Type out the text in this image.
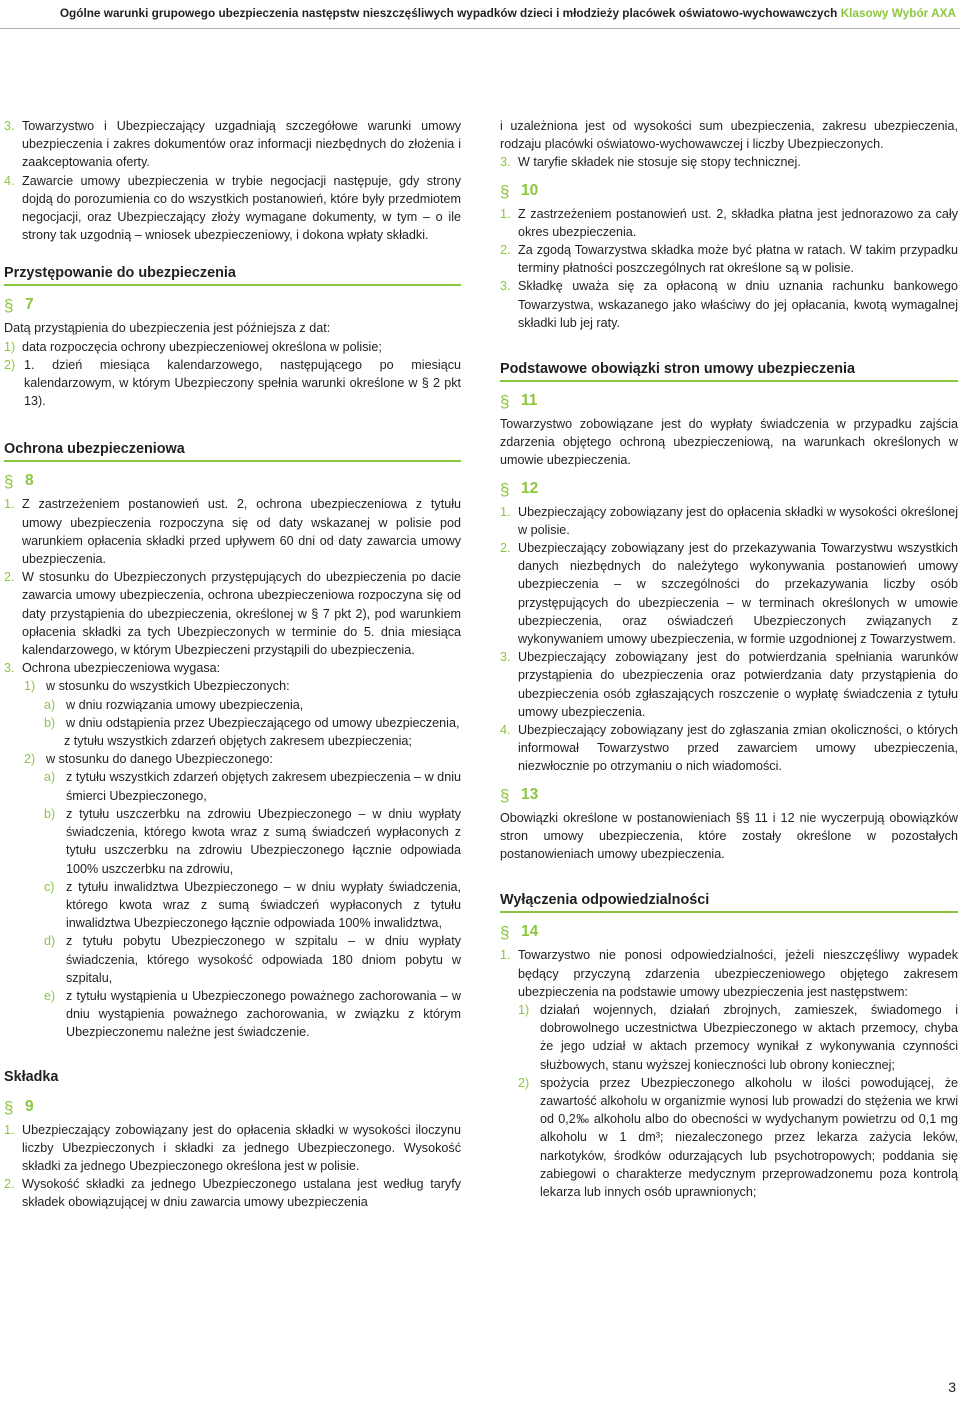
Ogólne warunki grupowego ubezpieczenia następstw nieszczęśliwych wypadków dzieci i młodzieży placówek oświatowo-wychowawczych Klasowy Wybór AXA
3. Towarzystwo i Ubezpieczający uzgadniają szczegółowe warunki umowy ubezpieczenia i zakres dokumentów oraz informacji niezbędnych do złożenia i zaakceptowania oferty.
4. Zawarcie umowy ubezpieczenia w trybie negocjacji następuje, gdy strony dojdą do porozumienia co do wszystkich postanowień, które były przedmiotem negocjacji, oraz Ubezpieczający złoży wymagane dokumenty, w tym – o ile strony tak uzgodnią – wniosek ubezpieczeniowy, i dokona wpłaty składki.
Przystępowanie do ubezpieczenia
§
7

Datą przystąpienia do ubezpieczenia jest późniejsza z dat:

1) data rozpoczęcia ochrony ubezpieczeniowej określona w polisie;
2) 1. dzień miesiąca kalendarzowego, następującego po miesiącu kalendarzowym, w którym Ubezpieczony spełnia warunki określone w § 2 pkt 13).
Ochrona ubezpieczeniowa
§
8
1. Z zastrzeżeniem postanowień ust. 2, ochrona ubezpieczeniowa z tytułu umowy ubezpieczenia rozpoczyna się od daty wskazanej w polisie pod warunkiem opłacenia składki przed upływem 60 dni od daty zawarcia umowy ubezpieczenia.
2. W stosunku do Ubezpieczonych przystępujących do ubezpieczenia po dacie zawarcia umowy ubezpieczenia, ochrona ubezpieczeniowa rozpoczyna się od daty przystąpienia do ubezpieczenia, określonej w § 7 pkt 2), pod warunkiem opłacenia składki za tych Ubezpieczonych w terminie do 5. dnia miesiąca kalendarzowego, w którym Ubezpieczeni przystąpili do ubezpieczenia.
3. Ochrona ubezpieczeniowa wygasa:
1) w stosunku do wszystkich Ubezpieczonych:
a) w dniu rozwiązania umowy ubezpieczenia,
b) w dniu odstąpienia przez Ubezpieczającego od umowy ubezpieczenia,
z tytułu wszystkich zdarzeń objętych zakresem ubezpieczenia;
2) w stosunku do danego Ubezpieczonego:
a) z tytułu wszystkich zdarzeń objętych zakresem ubezpieczenia – w dniu śmierci Ubezpieczonego,
b) z tytułu uszczerbku na zdrowiu Ubezpieczonego – w dniu wypłaty świadczenia, którego kwota wraz z sumą świadczeń wypłaconych z tytułu uszczerbku na zdrowiu Ubezpieczonego łącznie odpowiada 100% uszczerbku na zdrowiu,
c) z tytułu inwalidztwa Ubezpieczonego – w dniu wypłaty świadczenia, którego kwota wraz z sumą świadczeń wypłaconych z tytułu inwalidztwa Ubezpieczonego łącznie odpowiada 100% inwalidztwa,
d) z tytułu pobytu Ubezpieczonego w szpitalu – w dniu wypłaty świadczenia, którego wysokość odpowiada 180 dniom pobytu w szpitalu,
e) z tytułu wystąpienia u Ubezpieczonego poważnego zachorowania – w dniu wystąpienia poważnego zachorowania, w związku z którym Ubezpieczonemu należne jest świadczenie.
Składka
§
9
1. Ubezpieczający zobowiązany jest do opłacenia składki w wysokości iloczynu liczby Ubezpieczonych i składki za jednego Ubezpieczonego. Wysokość składki za jednego Ubezpieczonego określona jest w polisie.
2. Wysokość składki za jednego Ubezpieczonego ustalana jest według taryfy składek obowiązującej w dniu zawarcia umowy ubezpieczenia

i uzależniona jest od wysokości sum ubezpieczenia, zakresu ubezpieczenia, rodzaju placówki oświatowo-wychowawczej i liczby Ubezpieczonych.

3. W taryfie składek nie stosuje się stopy technicznej.
§
10
1. Z zastrzeżeniem postanowień ust. 2, składka płatna jest jednorazowo za cały okres ubezpieczenia.
2. Za zgodą Towarzystwa składka może być płatna w ratach. W takim przypadku terminy płatności poszczególnych rat określone są w polisie.
3. Składkę uważa się za opłaconą w dniu uznania rachunku bankowego Towarzystwa, wskazanego jako właściwy do jej opłacania, kwotą wymagalnej składki lub jej raty.
Podstawowe obowiązki stron umowy ubezpieczenia
§
11

Towarzystwo zobowiązane jest do wypłaty świadczenia w przypadku zajścia zdarzenia objętego ochroną ubezpieczeniową, na warunkach określonych w umowie ubezpieczenia.

§
12
1. Ubezpieczający zobowiązany jest do opłacenia składki w wysokości określonej w polisie.
2. Ubezpieczający zobowiązany jest do przekazywania Towarzystwu wszystkich danych niezbędnych do należytego wykonywania postanowień umowy ubezpieczenia – w szczególności do przekazywania liczby osób przystępujących do ubezpieczenia – w terminach określonych w umowie ubezpieczenia, oraz oświadczeń Ubezpieczonych związanych z wykonywaniem umowy ubezpieczenia, w formie uzgodnionej z Towarzystwem.
3. Ubezpieczający zobowiązany jest do potwierdzania spełniania warunków przystąpienia do ubezpieczenia oraz potwierdzania daty przystąpienia do ubezpieczenia osób zgłaszających roszczenie o wypłatę świadczenia z tytułu umowy ubezpieczenia.
4. Ubezpieczający zobowiązany jest do zgłaszania zmian okoliczności, o których informował Towarzystwo przed zawarciem umowy ubezpieczenia, niezwłocznie po otrzymaniu o nich wiadomości.
§
13

Obowiązki określone w postanowieniach §§ 11 i 12 nie wyczerpują obowiązków stron umowy ubezpieczenia, które zostały określone w pozostałych postanowieniach umowy ubezpieczenia.

Wyłączenia odpowiedzialności
§
14
1. Towarzystwo nie ponosi odpowiedzialności, jeżeli nieszczęśliwy wypadek będący przyczyną zdarzenia ubezpieczeniowego objętego zakresem ubezpieczenia na podstawie umowy ubezpieczenia jest następstwem:
1) działań wojennych, działań zbrojnych, zamieszek, świadomego i dobrowolnego uczestnictwa Ubezpieczonego w aktach przemocy, chyba że jego udział w aktach przemocy wynikał z wykonywania czynności służbowych, stanu wyższej konieczności lub obrony koniecznej;
2) spożycia przez Ubezpieczonego alkoholu w ilości powodującej, że zawartość alkoholu w organizmie wynosi lub prowadzi do stężenia we krwi od 0,2‰ alkoholu albo do obecności w wydychanym powietrzu od 0,1 mg alkoholu w 1 dm³; niezaleczonego przez lekarza zażycia leków, narkotyków, środków odurzających lub psychotropowych; poddania się zabiegowi o charakterze medycznym przeprowadzonemu poza kontrolą lekarza lub innych osób uprawnionych;
3
